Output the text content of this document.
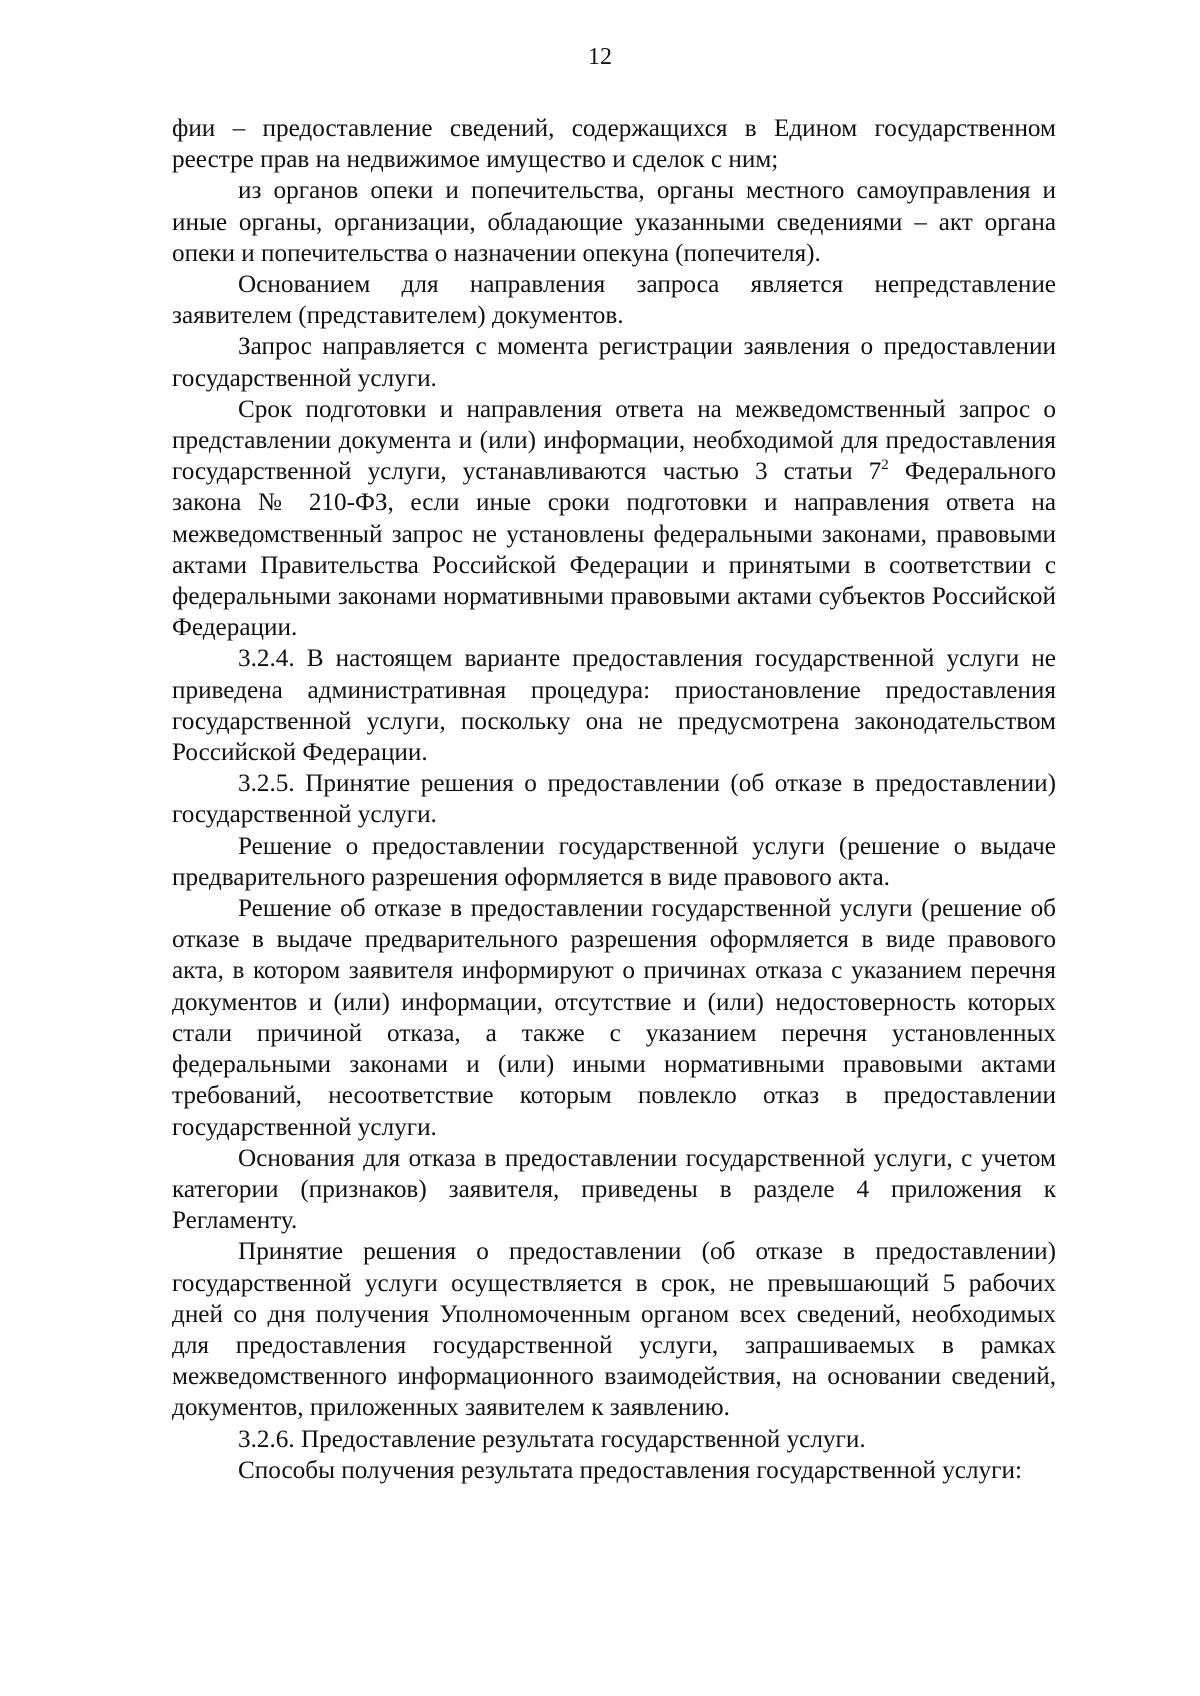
12

фии – предоставление сведений, содержащихся в Едином государственном реестре прав на недвижимое имущество и сделок с ним;

из органов опеки и попечительства, органы местного самоуправления и иные органы, организации, обладающие указанными сведениями – акт органа опеки и попечительства о назначении опекуна (попечителя).

Основанием для направления запроса является непредставление заявителем (представителем) документов.

Запрос направляется с момента регистрации заявления о предоставлении государственной услуги.

Срок подготовки и направления ответа на межведомственный запрос о представлении документа и (или) информации, необходимой для предоставления государственной услуги, устанавливаются частью 3 статьи $7^2$ Федерального закона № 210-ФЗ, если иные сроки подготовки и направления ответа на межведомственный запрос не установлены федеральными законами, правовыми актами Правительства Российской Федерации и принятыми в соответствии с федеральными законами нормативными правовыми актами субъектов Российской Федерации.

3.2.4. В настоящем варианте предоставления государственной услуги не приведена административная процедура: приостановление предоставления государственной услуги, поскольку она не предусмотрена законодательством Российской Федерации.

3.2.5. Принятие решения о предоставлении (об отказе в предоставлении) государственной услуги.

Решение о предоставлении государственной услуги (решение о выдаче предварительного разрешения оформляется в виде правового акта.

Решение об отказе в предоставлении государственной услуги (решение об отказе в выдаче предварительного разрешения оформляется в виде правового акта, в котором заявителя информируют о причинах отказа с указанием перечня документов и (или) информации, отсутствие и (или) недостоверность которых стали причиной отказа, а также с указанием перечня установленных федеральными законами и (или) иными нормативными правовыми актами требований, несоответствие которым повлекло отказ в предоставлении государственной услуги.

Основания для отказа в предоставлении государственной услуги, с учетом категории (признаков) заявителя, приведены в разделе 4 приложения к Регламенту.

Принятие решения о предоставлении (об отказе в предоставлении) государственной услуги осуществляется в срок, не превышающий 5 рабочих дней со дня получения Уполномоченным органом всех сведений, необходимых для предоставления государственной услуги, запрашиваемых в рамках межведомственного информационного взаимодействия, на основании сведений, документов, приложенных заявителем к заявлению.

3.2.6. Предоставление результата государственной услуги.

Способы получения результата предоставления государственной услуги:
